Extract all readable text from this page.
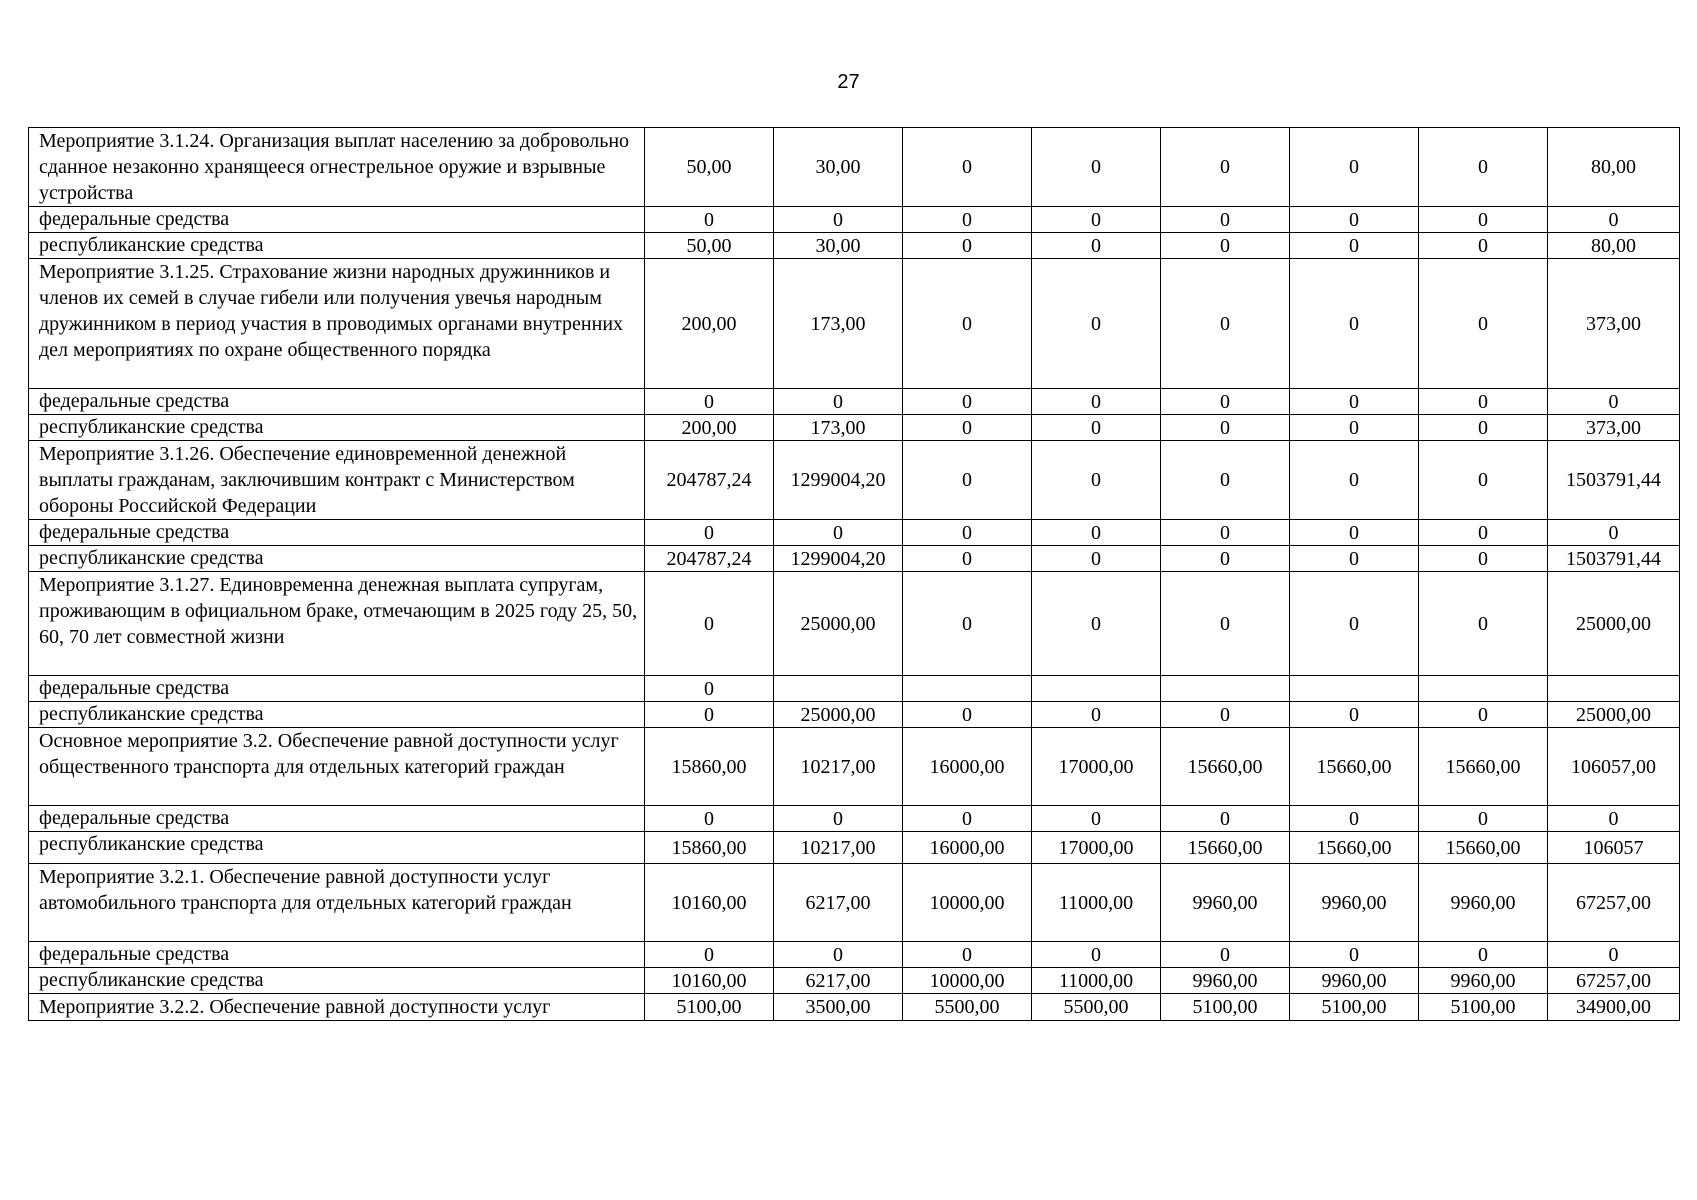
27
Мероприятие 3.1.24. Организация выплат населению за добровольно сданное незаконно хранящееся огнестрельное оружие и взрывные устройства	50,00	30,00	0	0	0	0	0	80,00
федеральные средства	0	0	0	0	0	0	0	0
республиканские средства	50,00	30,00	0	0	0	0	0	80,00
Мероприятие 3.1.25. Страхование жизни народных дружинников и членов их семей в случае гибели или получения увечья народным дружинником в период участия в проводимых органами внутренних дел мероприятиях по охране общественного порядка	200,00	173,00	0	0	0	0	0	373,00
федеральные средства	0	0	0	0	0	0	0	0
республиканские средства	200,00	173,00	0	0	0	0	0	373,00
Мероприятие 3.1.26. Обеспечение единовременной денежной выплаты гражданам, заключившим контракт с Министерством обороны Российской Федерации	204787,24	1299004,20	0	0	0	0	0	1503791,44
федеральные средства	0	0	0	0	0	0	0	0
республиканские средства	204787,24	1299004,20	0	0	0	0	0	1503791,44
Мероприятие 3.1.27. Единовременна денежная выплата супругам, проживающим в официальном браке, отмечающим в 2025 году 25, 50, 60, 70 лет совместной жизни	0	25000,00	0	0	0	0	0	25000,00
федеральные средства	0							
республиканские средства	0	25000,00	0	0	0	0	0	25000,00
Основное мероприятие 3.2. Обеспечение равной доступности услуг общественного транспорта для отдельных категорий граждан	15860,00	10217,00	16000,00	17000,00	15660,00	15660,00	15660,00	106057,00
федеральные средства	0	0	0	0	0	0	0	0
республиканские средства	15860,00	10217,00	16000,00	17000,00	15660,00	15660,00	15660,00	106057
Мероприятие 3.2.1. Обеспечение равной доступности услуг автомобильного транспорта для отдельных категорий граждан	10160,00	6217,00	10000,00	11000,00	9960,00	9960,00	9960,00	67257,00
федеральные средства	0	0	0	0	0	0	0	0
республиканские средства	10160,00	6217,00	10000,00	11000,00	9960,00	9960,00	9960,00	67257,00
Мероприятие 3.2.2. Обеспечение равной доступности услуг	5100,00	3500,00	5500,00	5500,00	5100,00	5100,00	5100,00	34900,00
